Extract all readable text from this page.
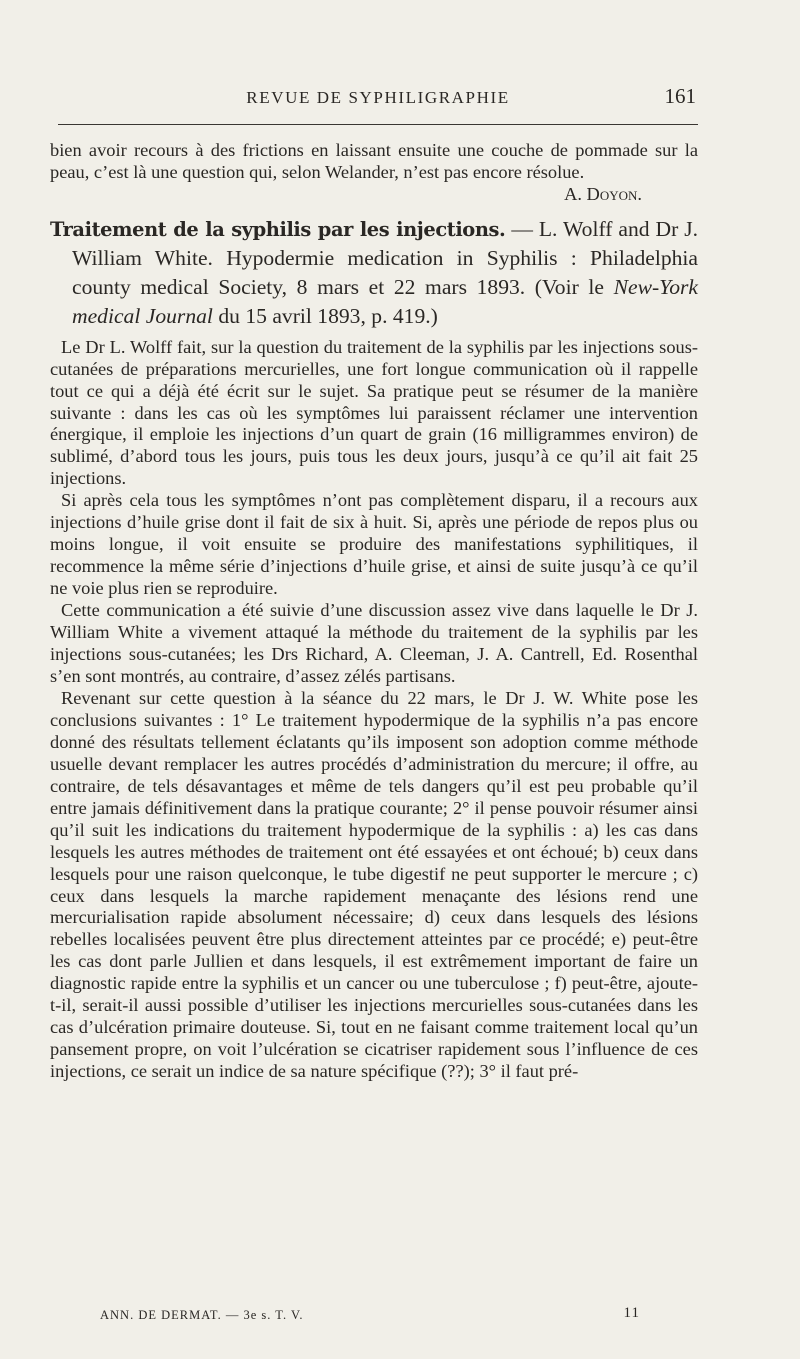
REVUE DE SYPHILIGRAPHIE	161

bien avoir recours à des frictions en laissant ensuite une couche de pommade sur la peau, c’est là une question qui, selon Welander, n’est pas encore résolue.

A. Doyon.

Traitement de la syphilis par les injections. — L. Wolff and Dr J. William White. Hypodermie medication in Syphilis : Philadelphia county medical Society, 8 mars et 22 mars 1893. (Voir le New-York medical Journal du 15 avril 1893, p. 419.)

Le Dr L. Wolff fait, sur la question du traitement de la syphilis par les injections sous-cutanées de préparations mercurielles, une fort longue communication où il rappelle tout ce qui a déjà été écrit sur le sujet. Sa pratique peut se résumer de la manière suivante : dans les cas où les symptômes lui paraissent réclamer une intervention énergique, il emploie les injections d’un quart de grain (16 milligrammes environ) de sublimé, d’abord tous les jours, puis tous les deux jours, jusqu’à ce qu’il ait fait 25 injections.

Si après cela tous les symptômes n’ont pas complètement disparu, il a recours aux injections d’huile grise dont il fait de six à huit. Si, après une période de repos plus ou moins longue, il voit ensuite se produire des manifestations syphilitiques, il recommence la même série d’injections d’huile grise, et ainsi de suite jusqu’à ce qu’il ne voie plus rien se reproduire.

Cette communication a été suivie d’une discussion assez vive dans laquelle le Dr J. William White a vivement attaqué la méthode du traitement de la syphilis par les injections sous-cutanées; les Drs Richard, A. Cleeman, J. A. Cantrell, Ed. Rosenthal s’en sont montrés, au contraire, d’assez zélés partisans.

Revenant sur cette question à la séance du 22 mars, le Dr J. W. White pose les conclusions suivantes : 1° Le traitement hypodermique de la syphilis n’a pas encore donné des résultats tellement éclatants qu’ils imposent son adoption comme méthode usuelle devant remplacer les autres procédés d’administration du mercure; il offre, au contraire, de tels désavantages et même de tels dangers qu’il est peu probable qu’il entre jamais définitivement dans la pratique courante; 2° il pense pouvoir résumer ainsi qu’il suit les indications du traitement hypodermique de la syphilis : a) les cas dans lesquels les autres méthodes de traitement ont été essayées et ont échoué; b) ceux dans lesquels pour une raison quelconque, le tube digestif ne peut supporter le mercure ; c) ceux dans lesquels la marche rapidement menaçante des lésions rend une mercurialisation rapide absolument nécessaire; d) ceux dans lesquels des lésions rebelles localisées peuvent être plus directement atteintes par ce procédé; e) peut-être les cas dont parle Jullien et dans lesquels, il est extrêmement important de faire un diagnostic rapide entre la syphilis et un cancer ou une tuberculose ; f) peut-être, ajoute-t-il, serait-il aussi possible d’utiliser les injections mercurielles sous-cutanées dans les cas d’ulcération primaire douteuse. Si, tout en ne faisant comme traitement local qu’un pansement propre, on voit l’ulcération se cicatriser rapidement sous l’influence de ces injections, ce serait un indice de sa nature spécifique (??); 3° il faut pré-

ANN. DE DERMAT. — 3e s. T. V.	11
